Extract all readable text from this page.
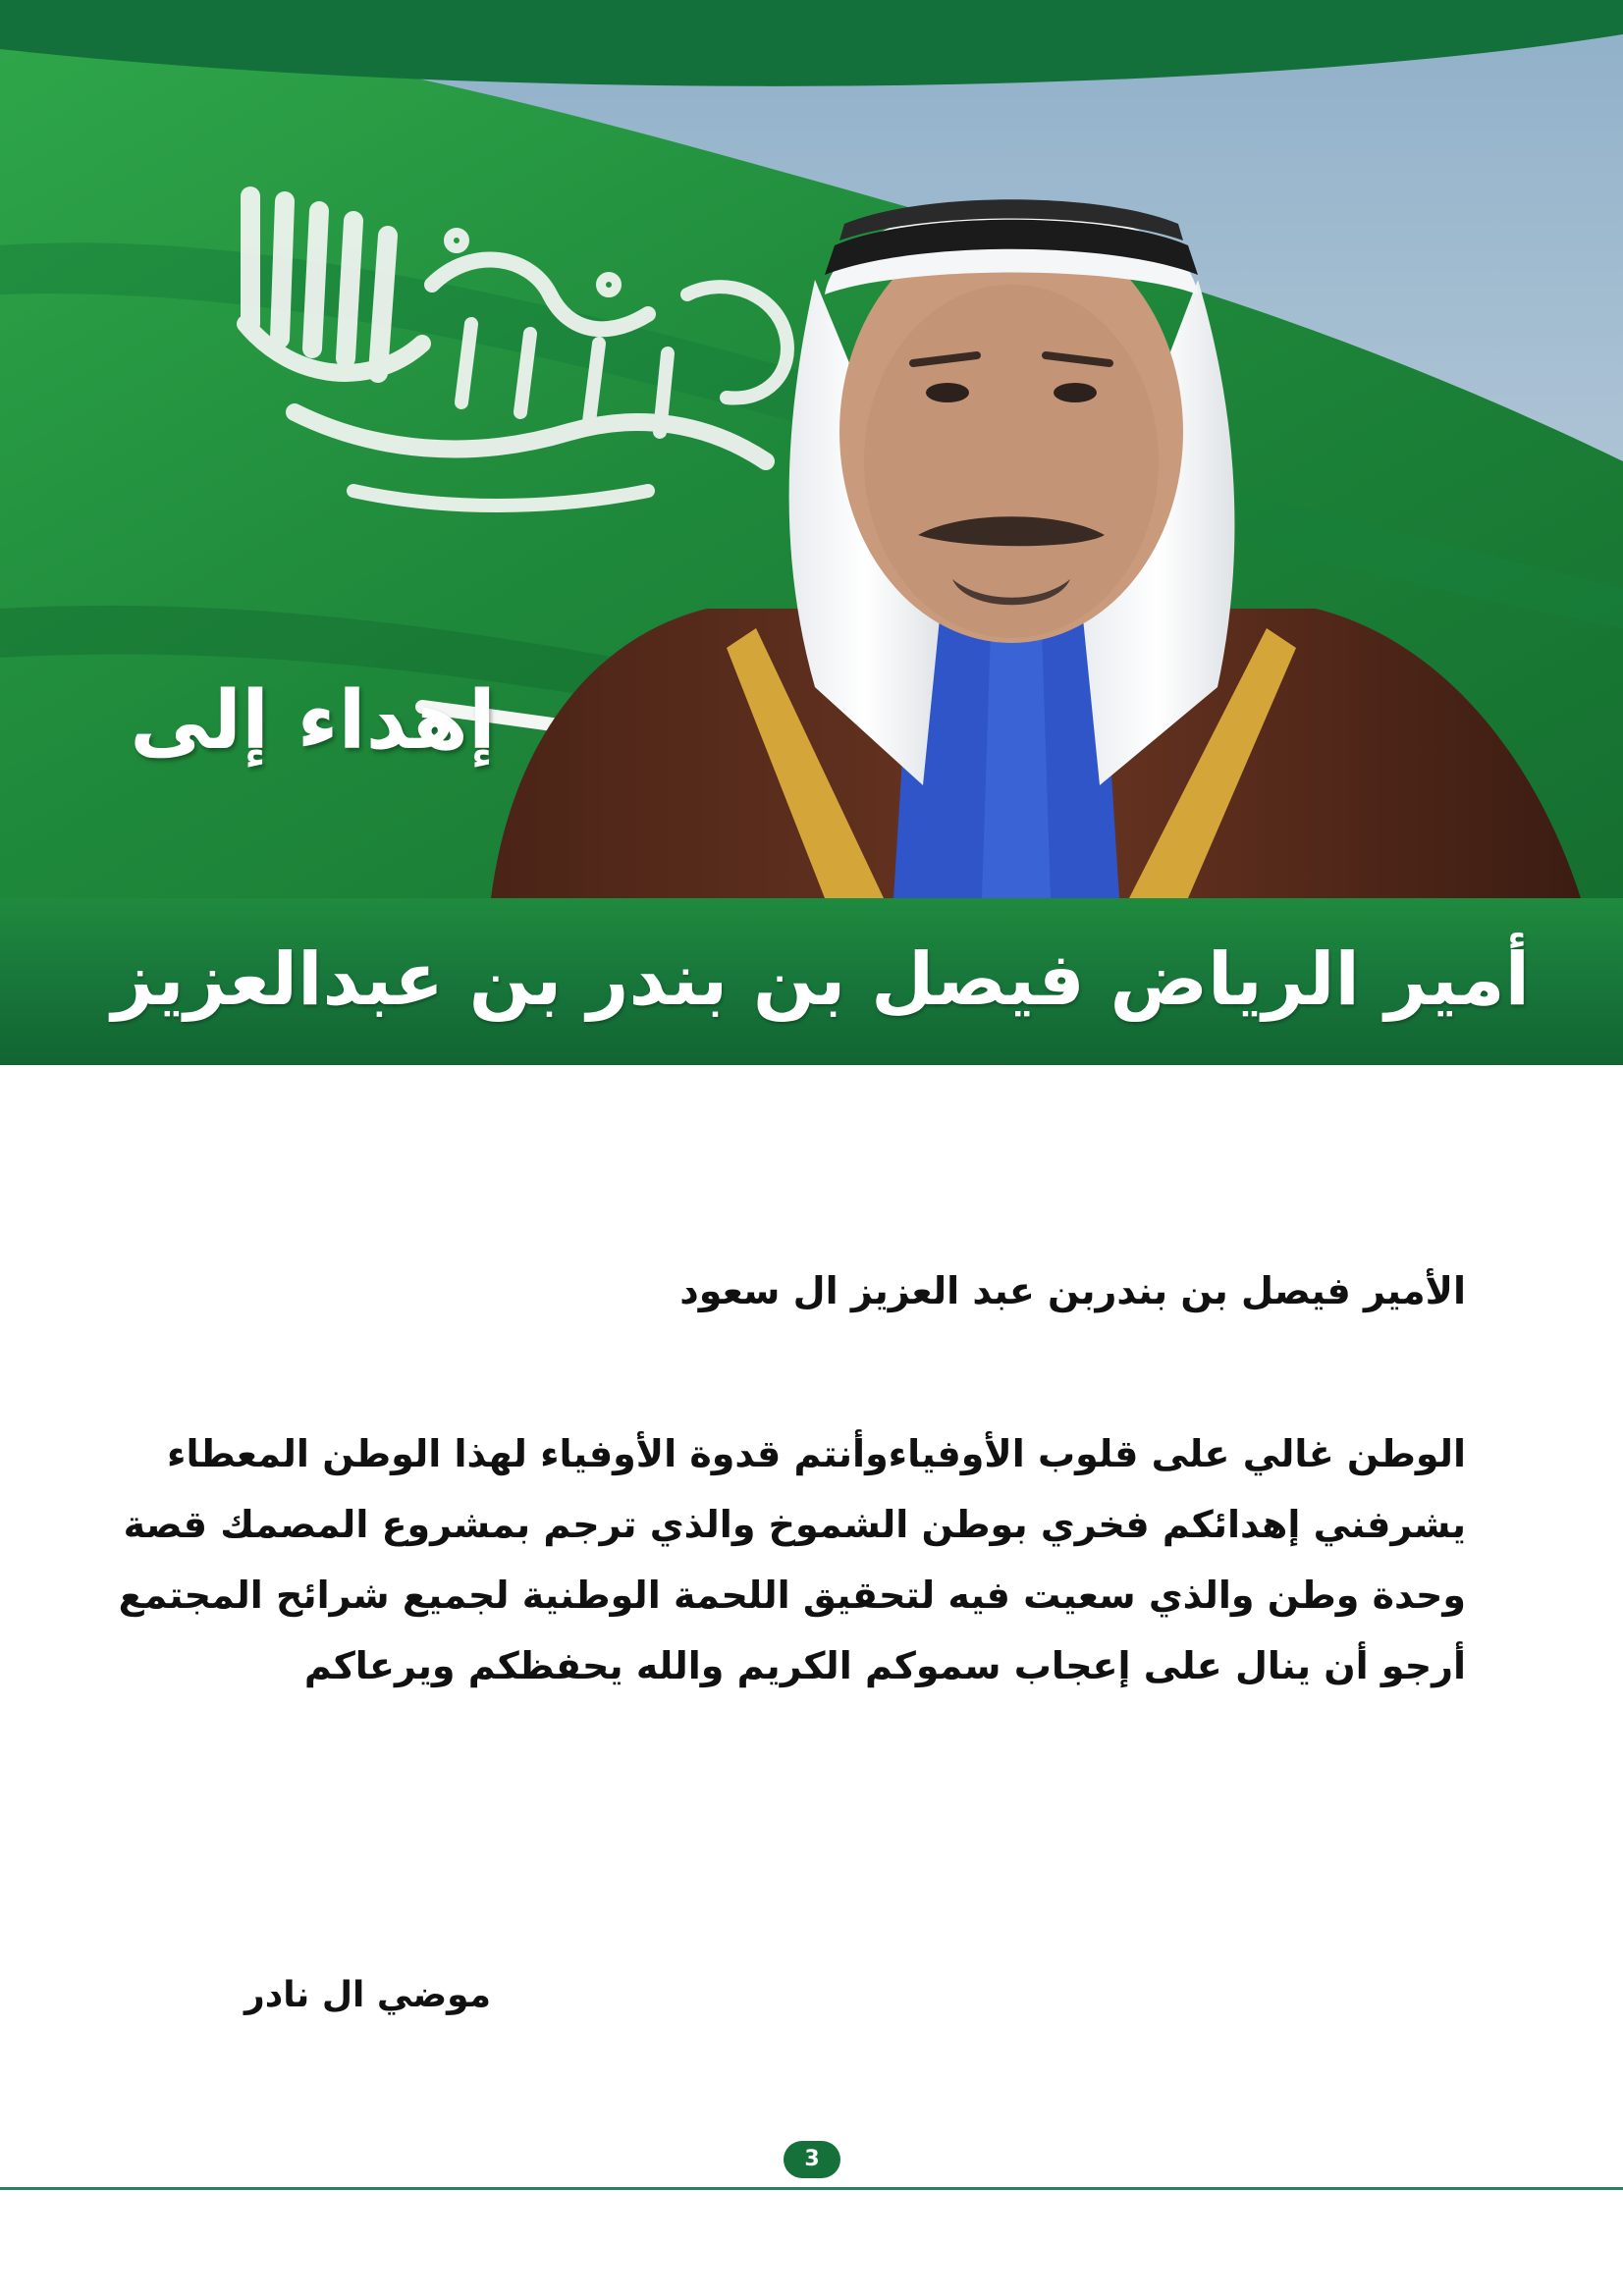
إهداء إلى
أمير الرياض فيصل بن بندر بن عبدالعزيز
الأمير فيصل بن بندربن عبد العزيز ال سعود
الوطن غالي على قلوب الأوفياءوأنتم قدوة الأوفياء لهذا الوطن المعطاء
يشرفني إهدائكم فخري بوطن الشموخ والذي ترجم بمشروع المصمك قصة
وحدة وطن والذي سعيت فيه لتحقيق اللحمة الوطنية لجميع شرائح المجتمع
أرجو أن ينال على إعجاب سموكم الكريم والله يحفظكم ويرعاكم
موضي ال نادر
3
